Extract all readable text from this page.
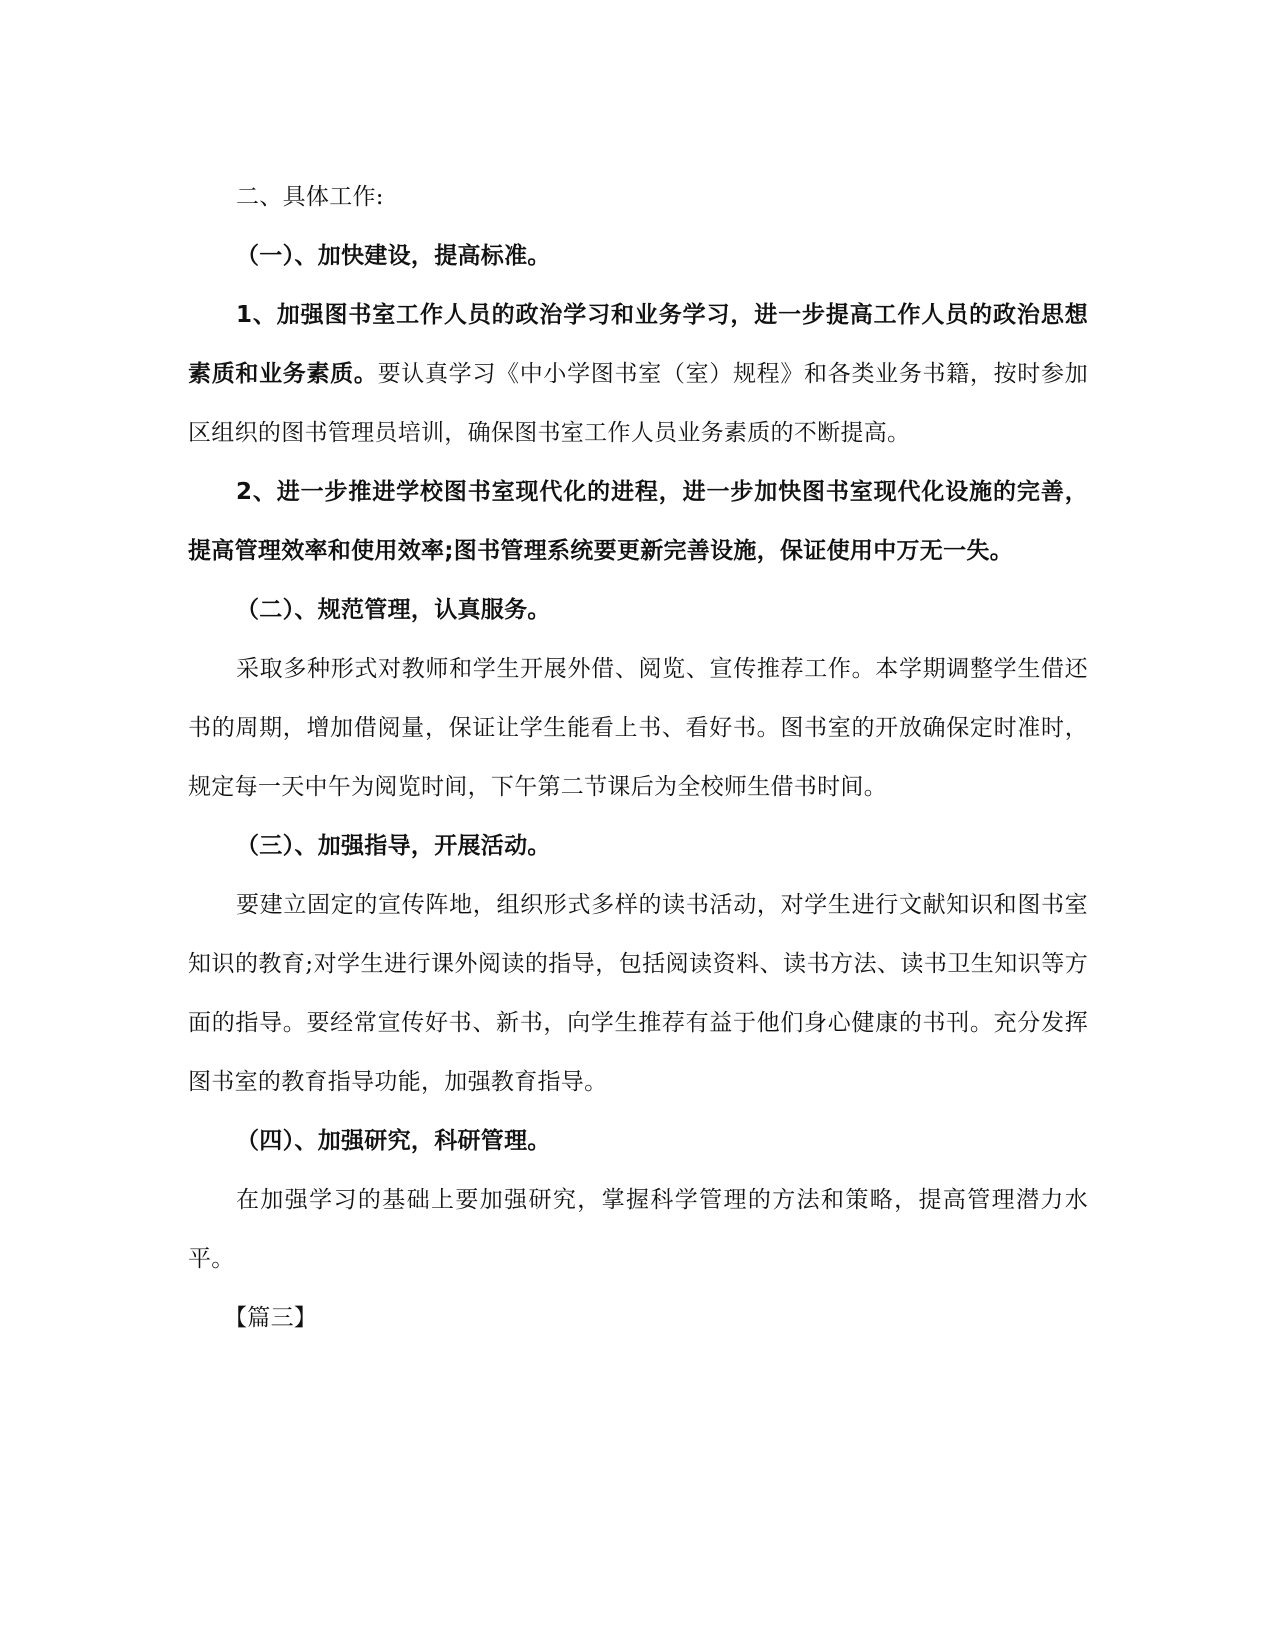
二、具体工作:

（一）、加快建设，提高标准。

1、加强图书室工作人员的政治学习和业务学习，进一步提高工作人员的政治思想素质和业务素质。要认真学习《中小学图书室（室）规程》和各类业务书籍，按时参加区组织的图书管理员培训，确保图书室工作人员业务素质的不断提高。

2、进一步推进学校图书室现代化的进程，进一步加快图书室现代化设施的完善，提高管理效率和使用效率;图书管理系统要更新完善设施，保证使用中万无一失。

（二）、规范管理，认真服务。

采取多种形式对教师和学生开展外借、阅览、宣传推荐工作。本学期调整学生借还书的周期，增加借阅量，保证让学生能看上书、看好书。图书室的开放确保定时准时，规定每一天中午为阅览时间，下午第二节课后为全校师生借书时间。

（三）、加强指导，开展活动。

要建立固定的宣传阵地，组织形式多样的读书活动，对学生进行文献知识和图书室知识的教育;对学生进行课外阅读的指导，包括阅读资料、读书方法、读书卫生知识等方面的指导。要经常宣传好书、新书，向学生推荐有益于他们身心健康的书刊。充分发挥图书室的教育指导功能，加强教育指导。

（四）、加强研究，科研管理。

在加强学习的基础上要加强研究，掌握科学管理的方法和策略，提高管理潜力水平。

【篇三】
